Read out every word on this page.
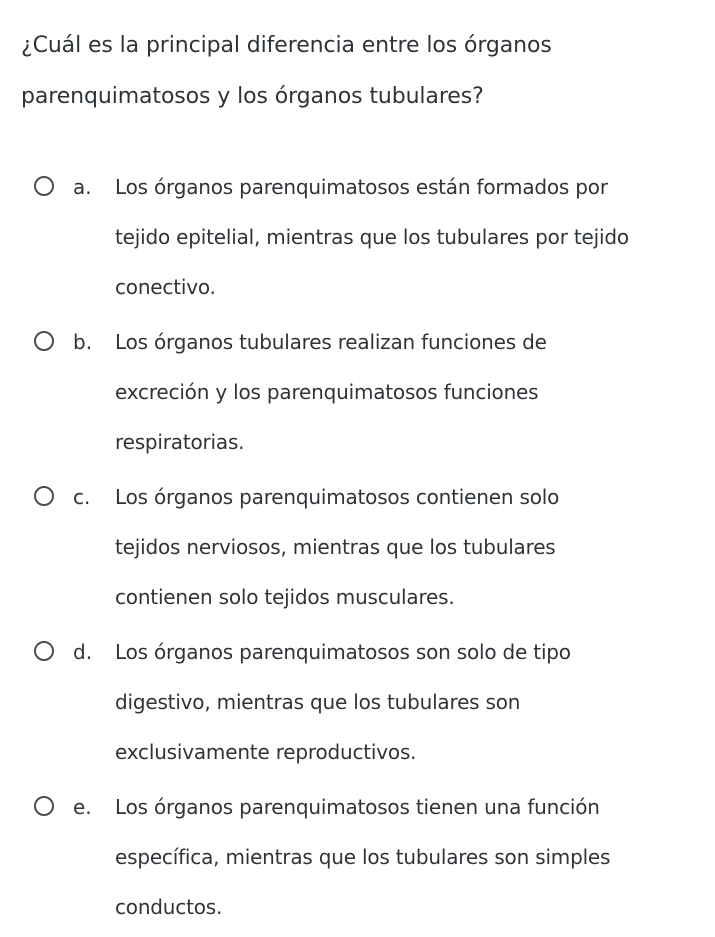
¿Cuál es la principal diferencia entre los órganos parenquimatosos y los órganos tubulares?
a. Los órganos parenquimatosos están formados por
tejido epitelial, mientras que los tubulares por tejido
conectivo.
b. Los órganos tubulares realizan funciones de
excreción y los parenquimatosos funciones
respiratorias.
c. Los órganos parenquimatosos contienen solo
tejidos nerviosos, mientras que los tubulares
contienen solo tejidos musculares.
d. Los órganos parenquimatosos son solo de tipo
digestivo, mientras que los tubulares son
exclusivamente reproductivos.
e. Los órganos parenquimatosos tienen una función
específica, mientras que los tubulares son simples
conductos.
